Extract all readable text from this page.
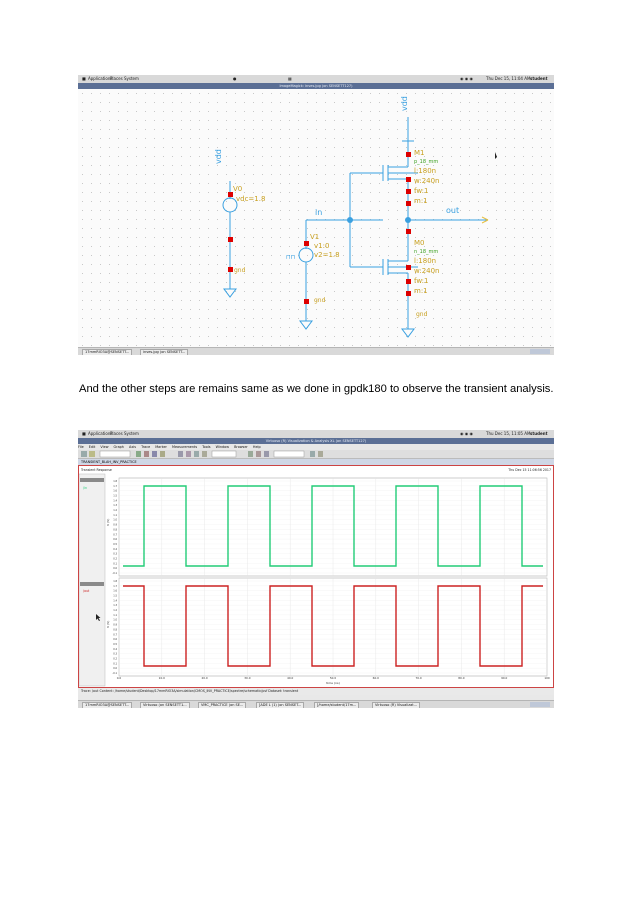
■ Applications
Places System	●	▦	◉ ◉ ◉	Thu Dec 15, 11:04 AM student
ImageMagick: inves.jpg (on SENSETT127)
⊓⊓
vdd
V0
vdc=1.8
gnd
in
V1
v1:0
v2=1.8
gnd
vdd
M1
p_18_mm
l:180n
w:240n
fw:1
m:1
out
M0
n_18_mm
l:180n
w:240n
fw:1
m:1
gnd
17mmRIO3A@SENSETT...	inves.jpg (on SENSETT...
And the other steps are remains same as we done in gpdk180 to observe the transient analysis.
■ Applications
Places System	◉ ◉ ◉	Thu Dec 15, 11:05 AM student
Virtuoso (R) Visualization & Analysis XL (on SENSETT127)
File Edit View Graph Axis Trace Marker Measurements Tools Window Browser Help
TRANSIENT_BLAH_INV_PRACTICE
Transient Response	Thu Dec 15 11:06:56 2017
/in
/out
V (V)
V (V)
0.0	10.0	20.0	30.0	40.0	50.0	60.0	70.0	80.0	90.0	100
1.8
1.7
1.6
1.5
1.4
1.3
1.2
1.1
1.0
0.9
0.8
0.7
0.6
0.5
0.4
0.3
0.2
0.1
0.0
-0.1
1.8
1.7
1.6
1.5
1.4
1.3
1.2
1.1
1.0
0.9
0.8
0.7
0.6
0.5
0.4
0.3
0.2
0.1
0.0
-0.1
time (ns)
Trace: /out Content: /home/student/Desktop/17mmRIO3A/simulation/CMOS_INV_PRACTICE/spectre/schematic/psf Dataset: transient
17mmRIO3A@SENSETT...	Virtuoso (on SENSETT1...	VMC_PRACTICE (on SE...	[ADE L (1) (on SENSET...	[/home/student/17m...	Virtuoso (R) Visualizat...
